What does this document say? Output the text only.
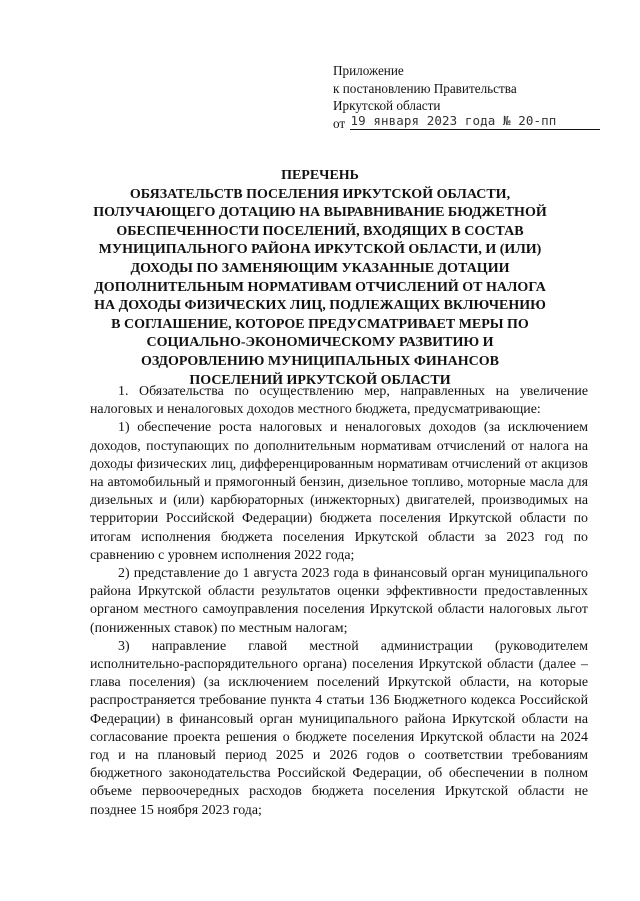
Приложение
к постановлению Правительства
Иркутской области
от 19 января 2023 года № 20-пп
ПЕРЕЧЕНЬ
ОБЯЗАТЕЛЬСТВ ПОСЕЛЕНИЯ ИРКУТСКОЙ ОБЛАСТИ,
ПОЛУЧАЮЩЕГО ДОТАЦИЮ НА ВЫРАВНИВАНИЕ БЮДЖЕТНОЙ
ОБЕСПЕЧЕННОСТИ ПОСЕЛЕНИЙ, ВХОДЯЩИХ В СОСТАВ
МУНИЦИПАЛЬНОГО РАЙОНА ИРКУТСКОЙ ОБЛАСТИ, И (ИЛИ)
ДОХОДЫ ПО ЗАМЕНЯЮЩИМ УКАЗАННЫЕ ДОТАЦИИ
ДОПОЛНИТЕЛЬНЫМ НОРМАТИВАМ ОТЧИСЛЕНИЙ ОТ НАЛОГА
НА ДОХОДЫ ФИЗИЧЕСКИХ ЛИЦ, ПОДЛЕЖАЩИХ ВКЛЮЧЕНИЮ
В СОГЛАШЕНИЕ, КОТОРОЕ ПРЕДУСМАТРИВАЕТ МЕРЫ ПО
СОЦИАЛЬНО-ЭКОНОМИЧЕСКОМУ РАЗВИТИЮ И
ОЗДОРОВЛЕНИЮ МУНИЦИПАЛЬНЫХ ФИНАНСОВ
ПОСЕЛЕНИЙ ИРКУТСКОЙ ОБЛАСТИ

1. Обязательства по осуществлению мер, направленных на увеличение налоговых и неналоговых доходов местного бюджета, предусматривающие:

1) обеспечение роста налоговых и неналоговых доходов (за исключением доходов, поступающих по дополнительным нормативам отчислений от налога на доходы физических лиц, дифференцированным нормативам отчислений от акцизов на автомобильный и прямогонный бензин, дизельное топливо, моторные масла для дизельных и (или) карбюраторных (инжекторных) двигателей, производимых на территории Российской Федерации) бюджета поселения Иркутской области по итогам исполнения бюджета поселения Иркутской области за 2023 год по сравнению с уровнем исполнения 2022 года;

2) представление до 1 августа 2023 года в финансовый орган муниципального района Иркутской области результатов оценки эффективности предоставленных органом местного самоуправления поселения Иркутской области налоговых льгот (пониженных ставок) по местным налогам;

3) направление главой местной администрации (руководителем исполнительно-распорядительного органа) поселения Иркутской области (далее – глава поселения) (за исключением поселений Иркутской области, на которые распространяется требование пункта 4 статьи 136 Бюджетного кодекса Российской Федерации) в финансовый орган муниципального района Иркутской области на согласование проекта решения о бюджете поселения Иркутской области на 2024 год и на плановый период 2025 и 2026 годов о соответствии требованиям бюджетного законодательства Российской Федерации, об обеспечении в полном объеме первоочередных расходов бюджета поселения Иркутской области не позднее 15 ноября 2023 года;
